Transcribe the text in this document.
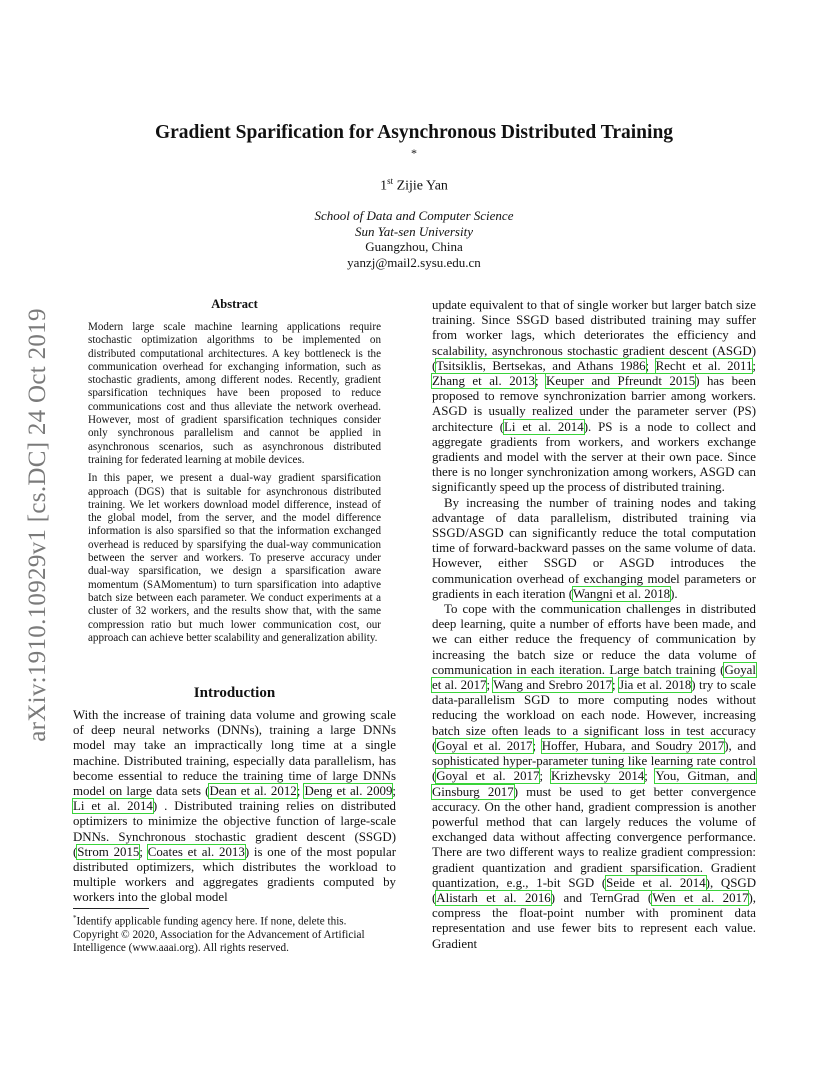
arXiv:1910.10929v1 [cs.DC] 24 Oct 2019
Gradient Sparification for Asynchronous Distributed Training
*
1st Zijie Yan
School of Data and Computer Science
Sun Yat-sen University
Guangzhou, China
yanzj@mail2.sysu.edu.cn
Abstract

Modern large scale machine learning applications require stochastic optimization algorithms to be implemented on distributed computational architectures. A key bottleneck is the communication overhead for exchanging information, such as stochastic gradients, among different nodes. Recently, gradient sparsification techniques have been proposed to reduce communications cost and thus alleviate the network overhead. However, most of gradient sparsification techniques consider only synchronous parallelism and cannot be applied in asynchronous scenarios, such as asynchronous distributed training for federated learning at mobile devices.

In this paper, we present a dual-way gradient sparsification approach (DGS) that is suitable for asynchronous distributed training. We let workers download model difference, instead of the global model, from the server, and the model difference information is also sparsified so that the information exchanged overhead is reduced by sparsifying the dual-way communication between the server and workers. To preserve accuracy under dual-way sparsification, we design a sparsification aware momentum (SAMomentum) to turn sparsification into adaptive batch size between each parameter. We conduct experiments at a cluster of 32 workers, and the results show that, with the same compression ratio but much lower communication cost, our approach can achieve better scalability and generalization ability.

Introduction

With the increase of training data volume and growing scale of deep neural networks (DNNs), training a large DNNs model may take an impractically long time at a single machine. Distributed training, especially data parallelism, has become essential to reduce the training time of large DNNs model on large data sets (Dean et al. 2012; Deng et al. 2009; Li et al. 2014) . Distributed training relies on distributed optimizers to minimize the objective function of large-scale DNNs. Synchronous stochastic gradient descent (SSGD) (Strom 2015; Coates et al. 2013) is one of the most popular distributed optimizers, which distributes the workload to multiple workers and aggregates gradients computed by workers into the global model

*Identify applicable funding agency here. If none, delete this.

Copyright © 2020, Association for the Advancement of Artificial Intelligence (www.aaai.org). All rights reserved.

update equivalent to that of single worker but larger batch size training. Since SSGD based distributed training may suffer from worker lags, which deteriorates the efficiency and scalability, asynchronous stochastic gradient descent (ASGD) (Tsitsiklis, Bertsekas, and Athans 1986; Recht et al. 2011; Zhang et al. 2013; Keuper and Pfreundt 2015) has been proposed to remove synchronization barrier among workers. ASGD is usually realized under the parameter server (PS) architecture (Li et al. 2014). PS is a node to collect and aggregate gradients from workers, and workers exchange gradients and model with the server at their own pace. Since there is no longer synchronization among workers, ASGD can significantly speed up the process of distributed training.

By increasing the number of training nodes and taking advantage of data parallelism, distributed training via SSGD/ASGD can significantly reduce the total computation time of forward-backward passes on the same volume of data. However, either SSGD or ASGD introduces the communication overhead of exchanging model parameters or gradients in each iteration (Wangni et al. 2018).

To cope with the communication challenges in distributed deep learning, quite a number of efforts have been made, and we can either reduce the frequency of communication by increasing the batch size or reduce the data volume of communication in each iteration. Large batch training (Goyal et al. 2017; Wang and Srebro 2017; Jia et al. 2018) try to scale data-parallelism SGD to more computing nodes without reducing the workload on each node. However, increasing batch size often leads to a significant loss in test accuracy (Goyal et al. 2017; Hoffer, Hubara, and Soudry 2017), and sophisticated hyper-parameter tuning like learning rate control (Goyal et al. 2017; Krizhevsky 2014; You, Gitman, and Ginsburg 2017) must be used to get better convergence accuracy. On the other hand, gradient compression is another powerful method that can largely reduces the volume of exchanged data without affecting convergence performance. There are two different ways to realize gradient compression: gradient quantization and gradient sparsification. Gradient quantization, e.g., 1-bit SGD (Seide et al. 2014), QSGD (Alistarh et al. 2016) and TernGrad (Wen et al. 2017), compress the float-point number with prominent data representation and use fewer bits to represent each value. Gradient
